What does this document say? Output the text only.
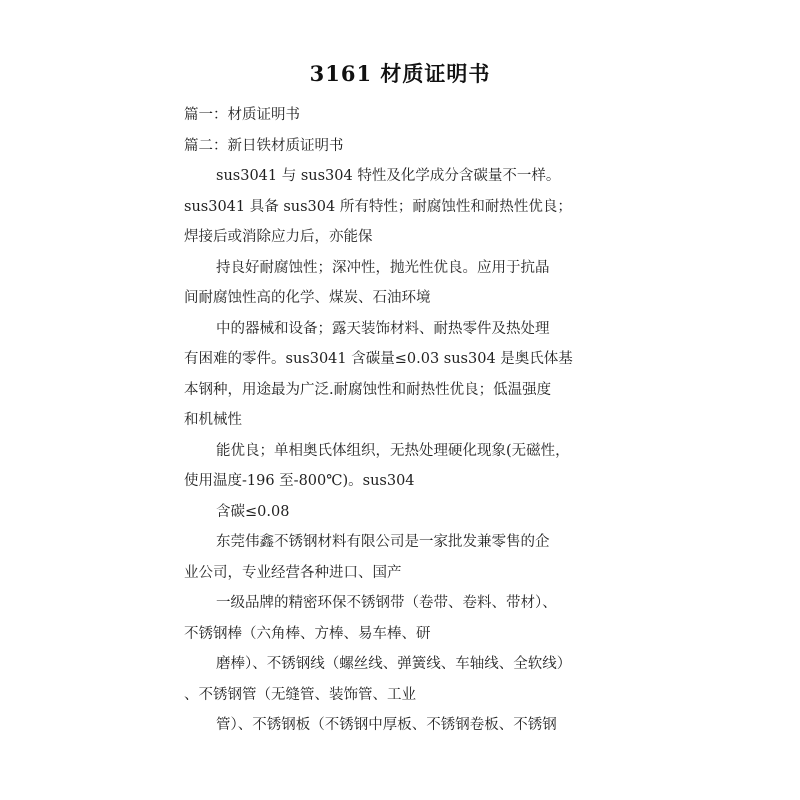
3161 材质证明书
篇一：材质证明书
篇二：新日铁材质证明书
sus3041 与 sus304 特性及化学成分含碳量不一样。
sus3041 具备 sus304 所有特性；耐腐蚀性和耐热性优良；
焊接后或消除应力后，亦能保
持良好耐腐蚀性；深冲性，抛光性优良。应用于抗晶
间耐腐蚀性高的化学、煤炭、石油环境
中的器械和设备；露天装饰材料、耐热零件及热处理
有困难的零件。sus3041 含碳量≤0.03 sus304 是奥氏体基
本钢种，用途最为广泛.耐腐蚀性和耐热性优良；低温强度
和机械性
能优良；单相奥氏体组织，无热处理硬化现象(无磁性，
使用温度-196 至-800℃)。sus304
含碳≤0.08
东莞伟鑫不锈钢材料有限公司是一家批发兼零售的企
业公司，专业经营各种进口、国产
一级品牌的精密环保不锈钢带（卷带、卷料、带材）、
不锈钢棒（六角棒、方棒、易车棒、研
磨棒）、不锈钢线（螺丝线、弹簧线、车轴线、全软线）
、不锈钢管（无缝管、装饰管、工业
管）、不锈钢板（不锈钢中厚板、不锈钢卷板、不锈钢
